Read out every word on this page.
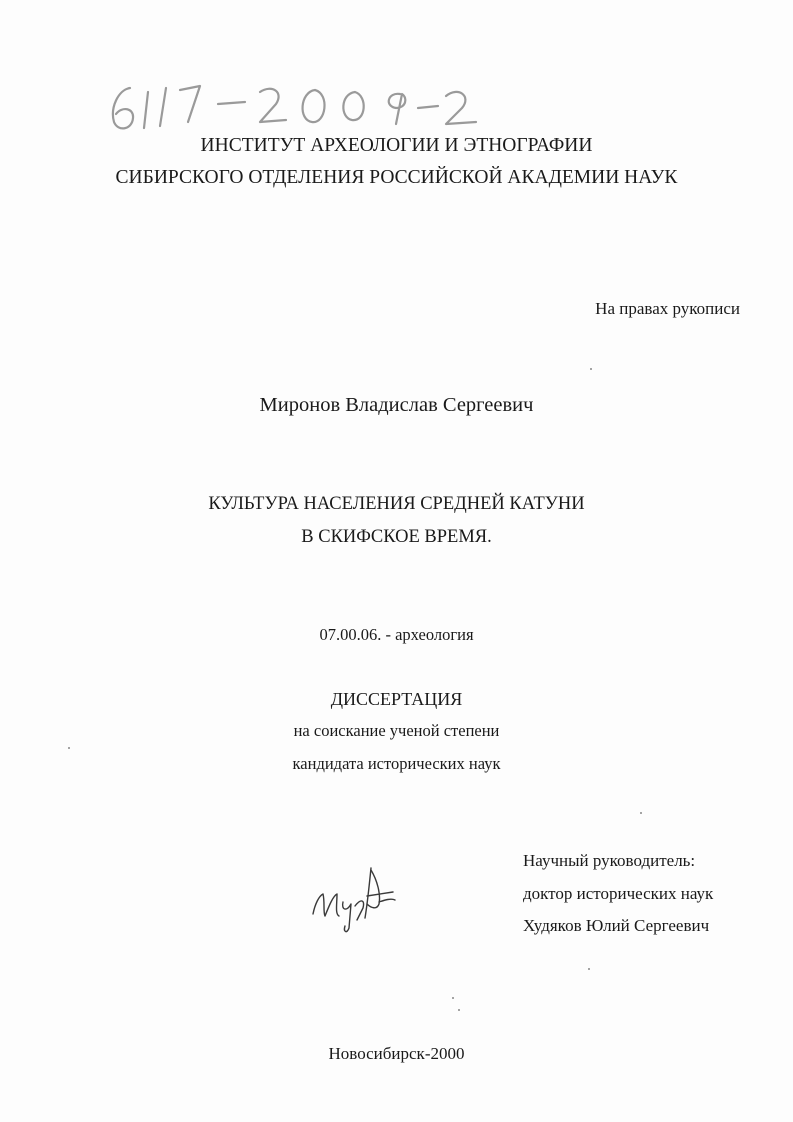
ИНСТИТУТ АРХЕОЛОГИИ И ЭТНОГРАФИИ
СИБИРСКОГО ОТДЕЛЕНИЯ РОССИЙСКОЙ АКАДЕМИИ НАУК
На правах рукописи
Миронов Владислав Сергеевич
КУЛЬТУРА НАСЕЛЕНИЯ СРЕДНЕЙ КАТУНИ
В СКИФСКОЕ ВРЕМЯ.
07.00.06. - археология
ДИССЕРТАЦИЯ
на соискание ученой степени
кандидата исторических наук
Научный руководитель:
доктор исторических наук
Худяков Юлий Сергеевич
Новосибирск-2000
